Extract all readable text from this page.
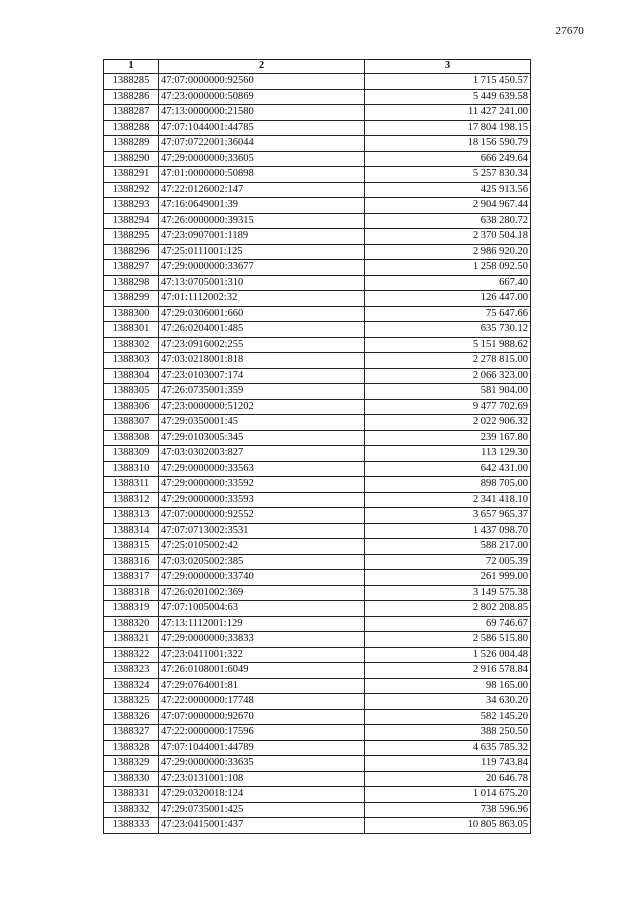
27670
1	2	3
1388285	47:07:0000000:92560	1 715 450.57
1388286	47:23:0000000:50869	5 449 639.58
1388287	47:13:0000000:21580	11 427 241.00
1388288	47:07:1044001:44785	17 804 198.15
1388289	47:07:0722001:36044	18 156 590.79
1388290	47:29:0000000:33605	666 249.64
1388291	47:01:0000000:50898	5 257 830.34
1388292	47:22:0126002:147	425 913.56
1388293	47:16:0649001:39	2 904 967.44
1388294	47:26:0000000:39315	638 280.72
1388295	47:23:0907001:1189	2 370 504.18
1388296	47:25:0111001:125	2 986 920.20
1388297	47:29:0000000:33677	1 258 092.50
1388298	47:13:0705001:310	667.40
1388299	47:01:1112002:32	126 447.00
1388300	47:29:0306001:660	75 647.66
1388301	47:26:0204001:485	635 730.12
1388302	47:23:0916002:255	5 151 988.62
1388303	47:03:0218001:818	2 278 815.00
1388304	47:23:0103007:174	2 066 323.00
1388305	47:26:0735001:359	581 904.00
1388306	47:23:0000000:51202	9 477 702.69
1388307	47:29:0350001:45	2 022 906.32
1388308	47:29:0103005:345	239 167.80
1388309	47:03:0302003:827	113 129.30
1388310	47:29:0000000:33563	642 431.00
1388311	47:29:0000000:33592	898 705.00
1388312	47:29:0000000:33593	2 341 418.10
1388313	47:07:0000000:92552	3 657 965.37
1388314	47:07:0713002:3531	1 437 098.70
1388315	47:25:0105002:42	588 217.00
1388316	47:03:0205002:385	72 005.39
1388317	47:29:0000000:33740	261 999.00
1388318	47:26:0201002:369	3 149 575.38
1388319	47:07:1005004:63	2 802 208.85
1388320	47:13:1112001:129	69 746.67
1388321	47:29:0000000:33833	2 586 515.80
1388322	47:23:0411001:322	1 526 004.48
1388323	47:26:0108001:6049	2 916 578.84
1388324	47:29:0764001:81	98 165.00
1388325	47:22:0000000:17748	34 630.20
1388326	47:07:0000000:92670	582 145.20
1388327	47:22:0000000:17596	388 250.50
1388328	47:07:1044001:44789	4 635 785.32
1388329	47:29:0000000:33635	119 743.84
1388330	47:23:0131001:108	20 646.78
1388331	47:29:0320018:124	1 014 675.20
1388332	47:29:0735001:425	738 596.96
1388333	47:23:0415001:437	10 805 863.05
